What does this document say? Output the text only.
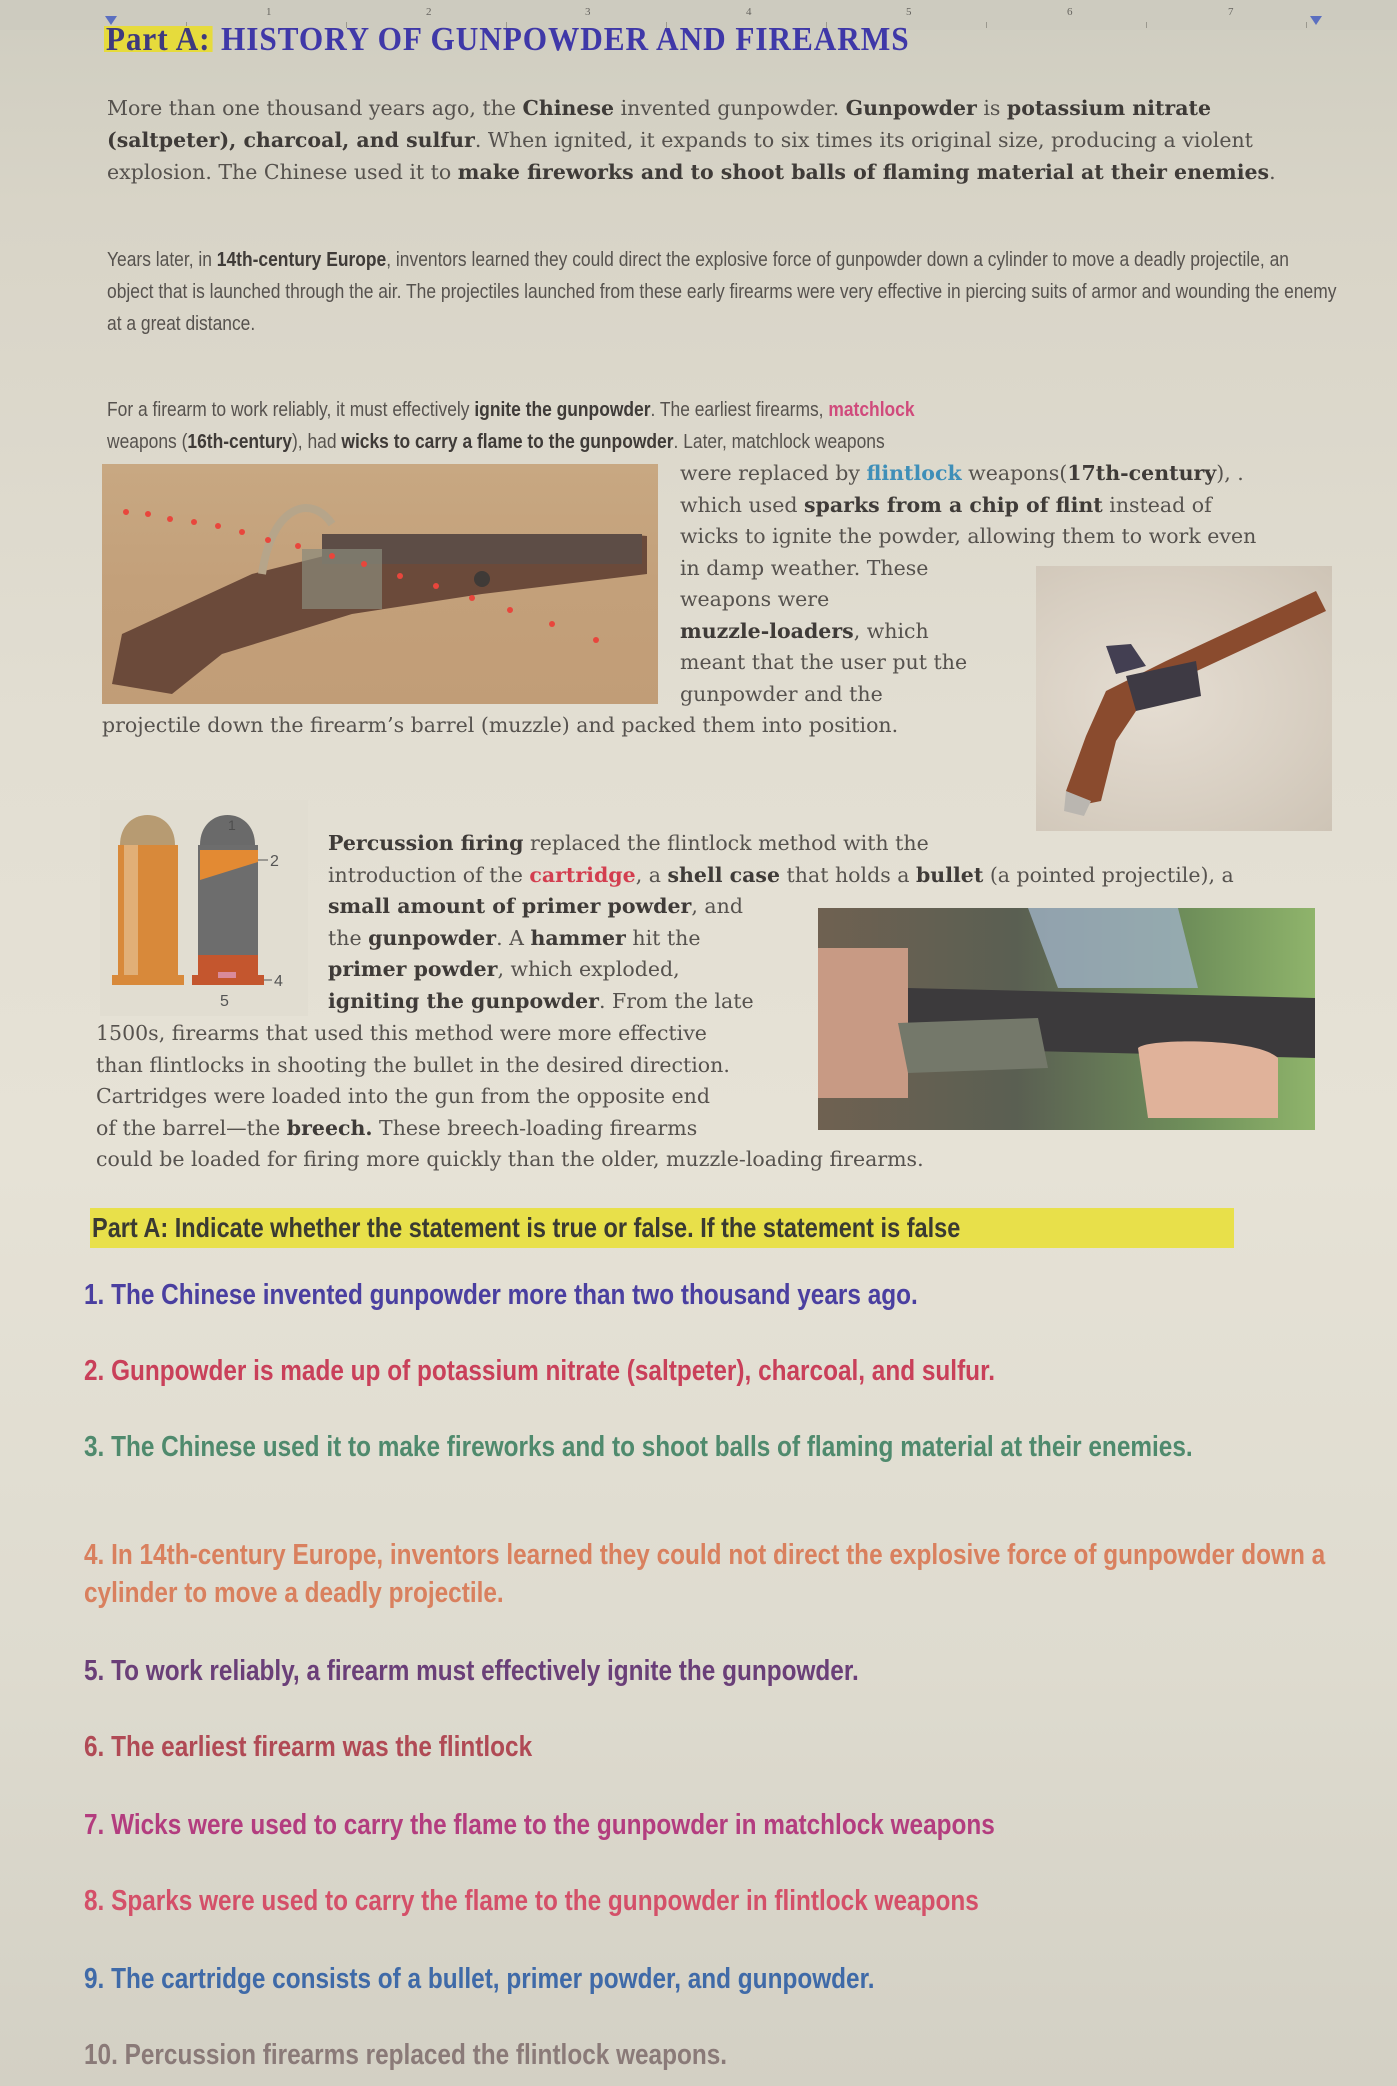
1	2	3	4	5	6	7
Part A: HISTORY OF GUNPOWDER AND FIREARMS
More than one thousand years ago, the Chinese invented gunpowder. Gunpowder is potassium nitrate (saltpeter), charcoal, and sulfur. When ignited, it expands to six times its original size, producing a violent explosion. The Chinese used it to make fireworks and to shoot balls of flaming material at their enemies.
Years later, in 14th-century Europe, inventors learned they could direct the explosive force of gunpowder down a cylinder to move a deadly projectile, an object that is launched through the air. The projectiles launched from these early firearms were very effective in piercing suits of armor and wounding the enemy at a great distance.
For a firearm to work reliably, it must effectively ignite the gunpowder. The earliest firearms, matchlock
weapons (16th-century), had wicks to carry a flame to the gunpowder. Later, matchlock weapons
were replaced by flintlock weapons(17th-century), .
which used sparks from a chip of flint instead of
wicks to ignite the powder, allowing them to work even
in damp weather. These
weapons were
muzzle-loaders, which
meant that the user put the
gunpowder and the
projectile down the firearm’s barrel (muzzle) and packed them into position.
1
2
4
5
Percussion firing replaced the flintlock method with the
introduction of the cartridge, a shell case that holds a bullet (a pointed projectile), a
small amount of primer powder, and
the gunpowder. A hammer hit the
primer powder, which exploded,
igniting the gunpowder. From the late
1500s, firearms that used this method were more effective
than flintlocks in shooting the bullet in the desired direction.
Cartridges were loaded into the gun from the opposite end
of the barrel—the breech. These breech-loading firearms
could be loaded for firing more quickly than the older, muzzle-loading firearms.
Part A: Indicate whether the statement is true or false. If the statement is false
1. The Chinese invented gunpowder more than two thousand years ago.
2. Gunpowder is made up of potassium nitrate (saltpeter), charcoal, and sulfur.
3. The Chinese used it to make fireworks and to shoot balls of flaming material at their enemies.
4. In 14th-century Europe, inventors learned they could not direct the explosive force of gunpowder down a cylinder to move a deadly projectile.
5. To work reliably, a firearm must effectively ignite the gunpowder.
6. The earliest firearm was the flintlock
7. Wicks were used to carry the flame to the gunpowder in matchlock weapons
8. Sparks were used to carry the flame to the gunpowder in flintlock weapons
9. The cartridge consists of a bullet, primer powder, and gunpowder.
10. Percussion firearms replaced the flintlock weapons.
